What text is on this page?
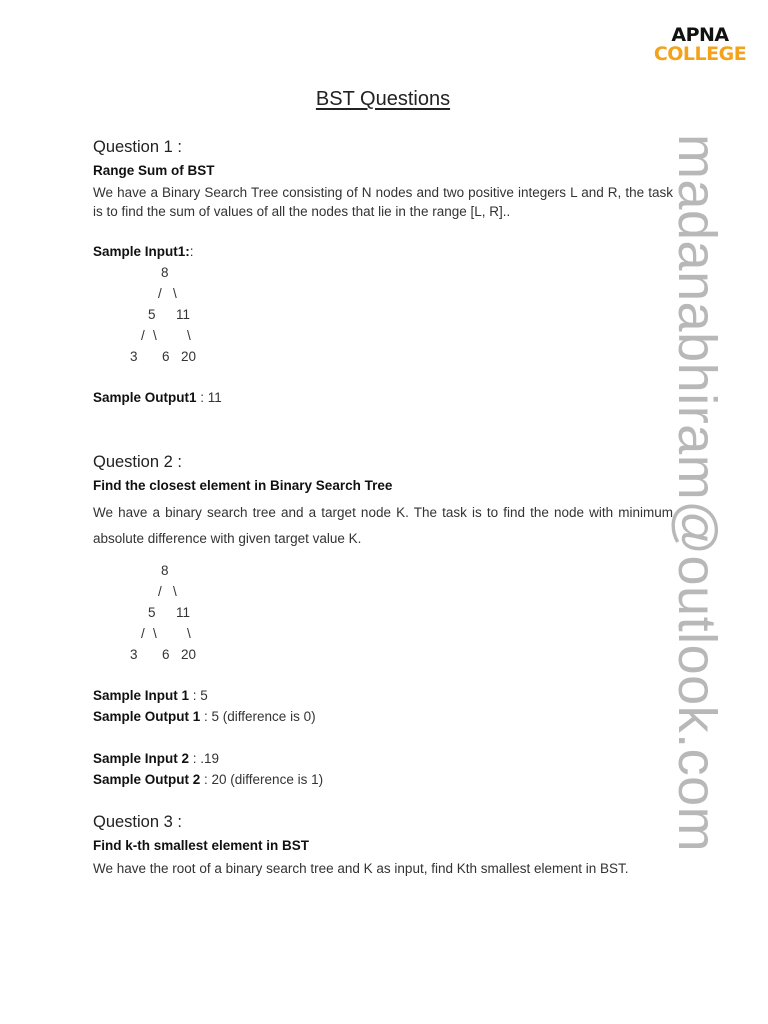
APNA
COLLEGE
madanabhiram@outlook.com
BST Questions
Question 1 :
Range Sum of BST
We have a Binary Search Tree consisting of N nodes and two positive integers L and R, the task is to find the sum of values of all the nodes that lie in the range [L, R]..
Sample Input1::
8
/ \
5 11
/ \ \
3 6 20
Sample Output1 : 11
Question 2 :
Find the closest element in Binary Search Tree
We have a binary search tree and a target node K. The task is to find the node with minimum absolute difference with given target value K.
8
/ \
5 11
/ \ \
3 6 20
Sample Input 1 : 5
Sample Output 1 : 5 (difference is 0)
Sample Input 2 : .19
Sample Output 2 : 20 (difference is 1)
Question 3 :
Find k-th smallest element in BST
We have the root of a binary search tree and K as input, find Kth smallest element in BST.
